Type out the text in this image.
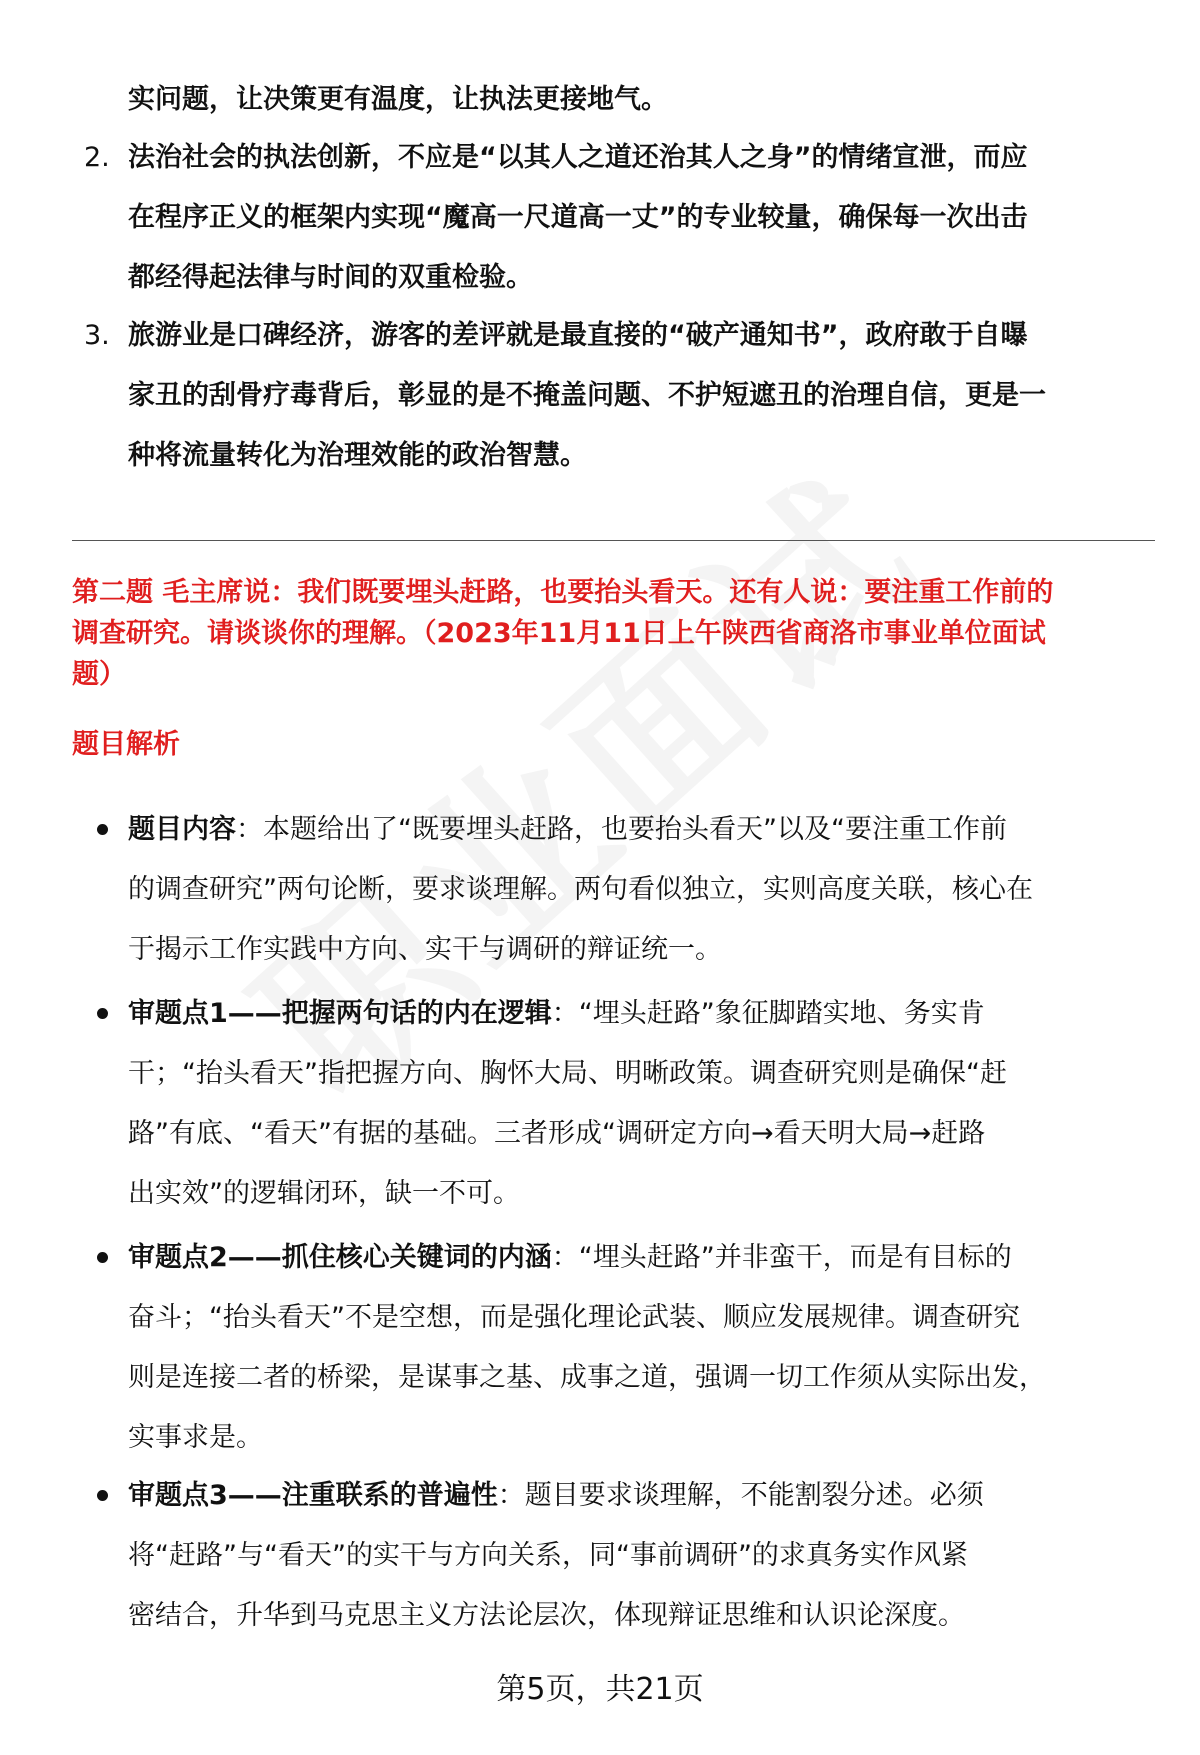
实问题，让决策更有温度，让执法更接地气。
2. 法治社会的执法创新，不应是“以其人之道还治其人之身”的情绪宣泄，而应
在程序正义的框架内实现“魔高一尺道高一丈”的专业较量，确保每一次出击
都经得起法律与时间的双重检验。
3. 旅游业是口碑经济，游客的差评就是最直接的“破产通知书”，政府敢于自曝
家丑的刮骨疗毒背后，彰显的是不掩盖问题、不护短遮丑的治理自信，更是一
种将流量转化为治理效能的政治智慧。
第二题 毛主席说：我们既要埋头赶路，也要抬头看天。还有人说：要注重工作前的
调查研究。请谈谈你的理解。（2023年11月11日上午陕西省商洛市事业单位面试
题）
题目解析
题目内容：本题给出了“既要埋头赶路，也要抬头看天”以及“要注重工作前
的调查研究”两句论断，要求谈理解。两句看似独立，实则高度关联，核心在
于揭示工作实践中方向、实干与调研的辩证统一。
审题点1——把握两句话的内在逻辑：“埋头赶路”象征脚踏实地、务实肯
干；“抬头看天”指把握方向、胸怀大局、明晰政策。调查研究则是确保“赶
路”有底、“看天”有据的基础。三者形成“调研定方向→看天明大局→赶路
出实效”的逻辑闭环，缺一不可。
审题点2——抓住核心关键词的内涵：“埋头赶路”并非蛮干，而是有目标的
奋斗；“抬头看天”不是空想，而是强化理论武装、顺应发展规律。调查研究
则是连接二者的桥梁，是谋事之基、成事之道，强调一切工作须从实际出发，
实事求是。
审题点3——注重联系的普遍性：题目要求谈理解，不能割裂分述。必须
将“赶路”与“看天”的实干与方向关系，同“事前调研”的求真务实作风紧
密结合，升华到马克思主义方法论层次，体现辩证思维和认识论深度。
第5页，共21页
